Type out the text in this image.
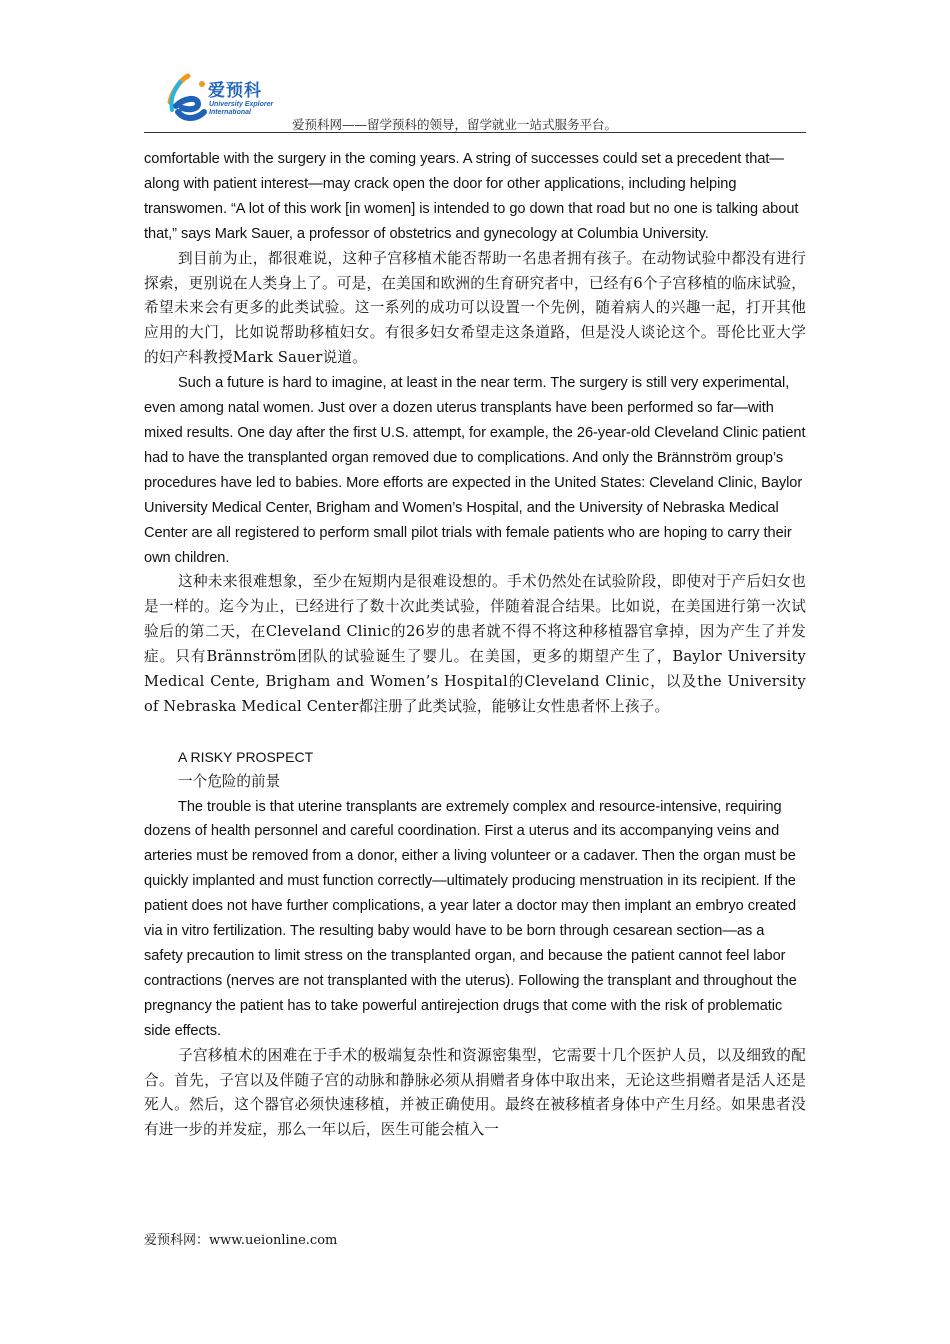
爱预科
University Explorer
International
爱预科网——留学预科的领导，留学就业一站式服务平台。

comfortable with the surgery in the coming years. A string of successes could set a precedent that—along with patient interest—may crack open the door for other applications, including helping transwomen. “A lot of this work [in women] is intended to go down that road but no one is talking about that,” says Mark Sauer, a professor of obstetrics and gynecology at Columbia University.

到目前为止，都很难说，这种子宫移植术能否帮助一名患者拥有孩子。在动物试验中都没有进行探索，更别说在人类身上了。可是，在美国和欧洲的生育研究者中，已经有6个子宫移植的临床试验，希望未来会有更多的此类试验。这一系列的成功可以设置一个先例，随着病人的兴趣一起，打开其他应用的大门，比如说帮助移植妇女。有很多妇女希望走这条道路，但是没人谈论这个。哥伦比亚大学的妇产科教授Mark Sauer说道。

Such a future is hard to imagine, at least in the near term. The surgery is still very experimental, even among natal women. Just over a dozen uterus transplants have been performed so far—with mixed results. One day after the first U.S. attempt, for example, the 26-year-old Cleveland Clinic patient had to have the transplanted organ removed due to complications. And only the Brännström group’s procedures have led to babies. More efforts are expected in the United States: Cleveland Clinic, Baylor University Medical Center, Brigham and Women’s Hospital, and the University of Nebraska Medical Center are all registered to perform small pilot trials with female patients who are hoping to carry their own children.

这种未来很难想象，至少在短期内是很难设想的。手术仍然处在试验阶段，即使对于产后妇女也是一样的。迄今为止，已经进行了数十次此类试验，伴随着混合结果。比如说，在美国进行第一次试验后的第二天，在Cleveland Clinic的26岁的患者就不得不将这种移植器官拿掉，因为产生了并发症。只有Brännström团队的试验诞生了婴儿。在美国，更多的期望产生了，Baylor University Medical Cente, Brigham and Women’s Hospital的Cleveland Clinic，以及the University of Nebraska Medical Center都注册了此类试验，能够让女性患者怀上孩子。

A RISKY PROSPECT
一个危险的前景

The trouble is that uterine transplants are extremely complex and resource-intensive, requiring dozens of health personnel and careful coordination. First a uterus and its accompanying veins and arteries must be removed from a donor, either a living volunteer or a cadaver. Then the organ must be quickly implanted and must function correctly—ultimately producing menstruation in its recipient. If the patient does not have further complications, a year later a doctor may then implant an embryo created via in vitro fertilization. The resulting baby would have to be born through cesarean section—as a safety precaution to limit stress on the transplanted organ, and because the patient cannot feel labor contractions (nerves are not transplanted with the uterus). Following the transplant and throughout the pregnancy the patient has to take powerful antirejection drugs that come with the risk of problematic side effects.

子宫移植术的困难在于手术的极端复杂性和资源密集型，它需要十几个医护人员，以及细致的配合。首先，子宫以及伴随子宫的动脉和静脉必须从捐赠者身体中取出来，无论这些捐赠者是活人还是死人。然后，这个器官必须快速移植，并被正确使用。最终在被移植者身体中产生月经。如果患者没有进一步的并发症，那么一年以后，医生可能会植入一

爱预科网：www.ueionline.com
